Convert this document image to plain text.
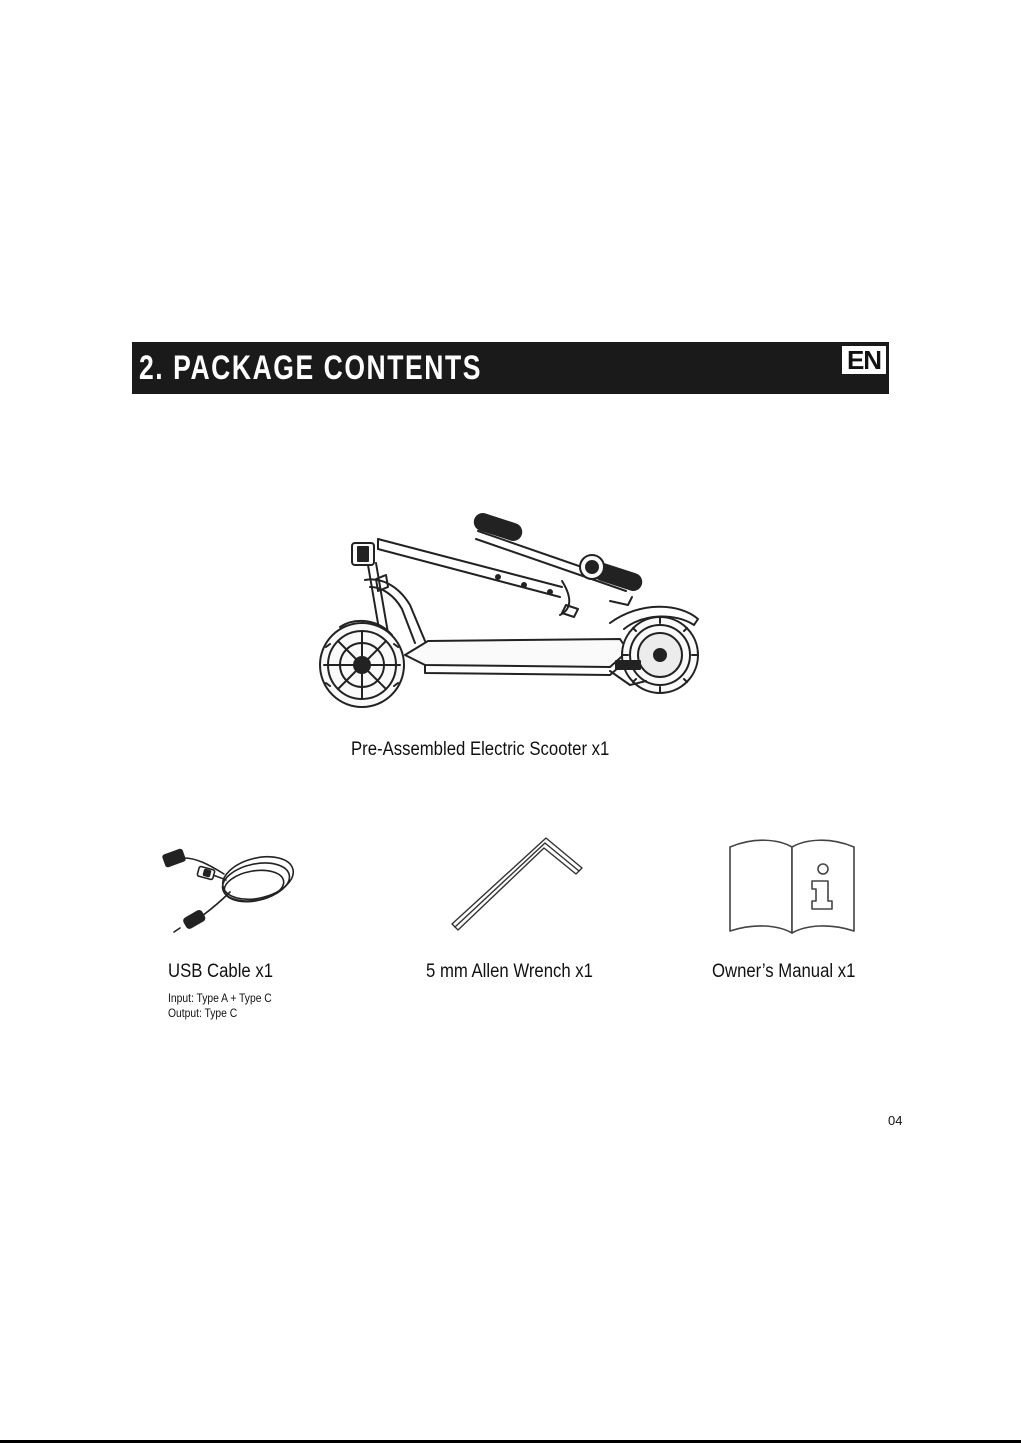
2. PACKAGE CONTENTS	EN
Pre-Assembled Electric Scooter x1
USB Cable x1
Input: Type A + Type C
Output: Type C
5 mm Allen Wrench x1	Owner’s Manual x1
04
